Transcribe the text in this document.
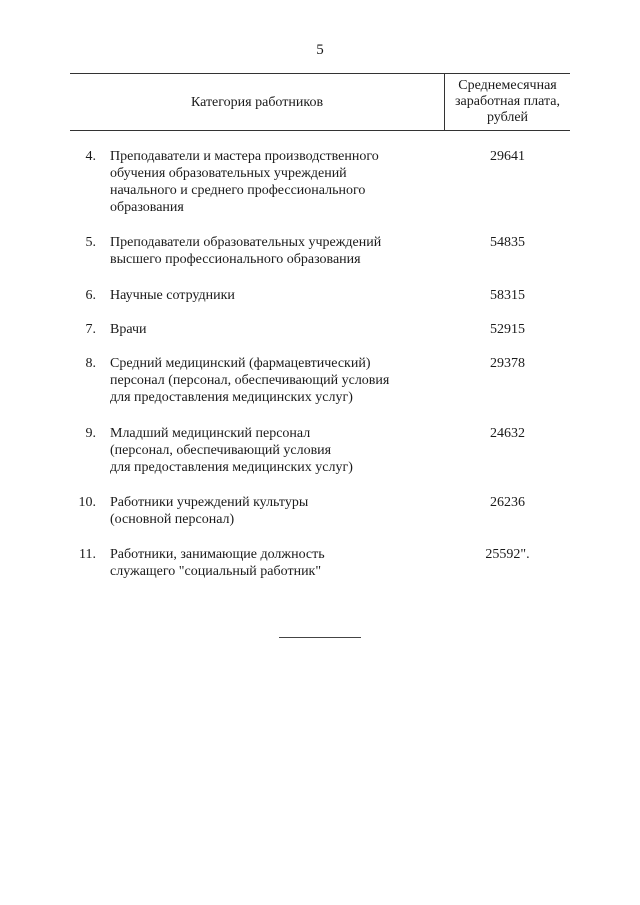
5
Категория работников
Среднемесячная заработная плата, рублей
4. Преподаватели и мастера производственного
обучения образовательных учреждений
начального и среднего профессионального
образования
29641
5. Преподаватели образовательных учреждений
высшего профессионального образования
54835
6. Научные сотрудники	58315
7. Врачи	52915
8. Средний медицинский (фармацевтический)
персонал (персонал, обеспечивающий условия
для предоставления медицинских услуг)
29378
9. Младший медицинский персонал
(персонал, обеспечивающий условия
для предоставления медицинских услуг)
24632
10. Работники учреждений культуры
(основной персонал)
26236
11. Работники, занимающие должность
служащего "социальный работник"
25592".
